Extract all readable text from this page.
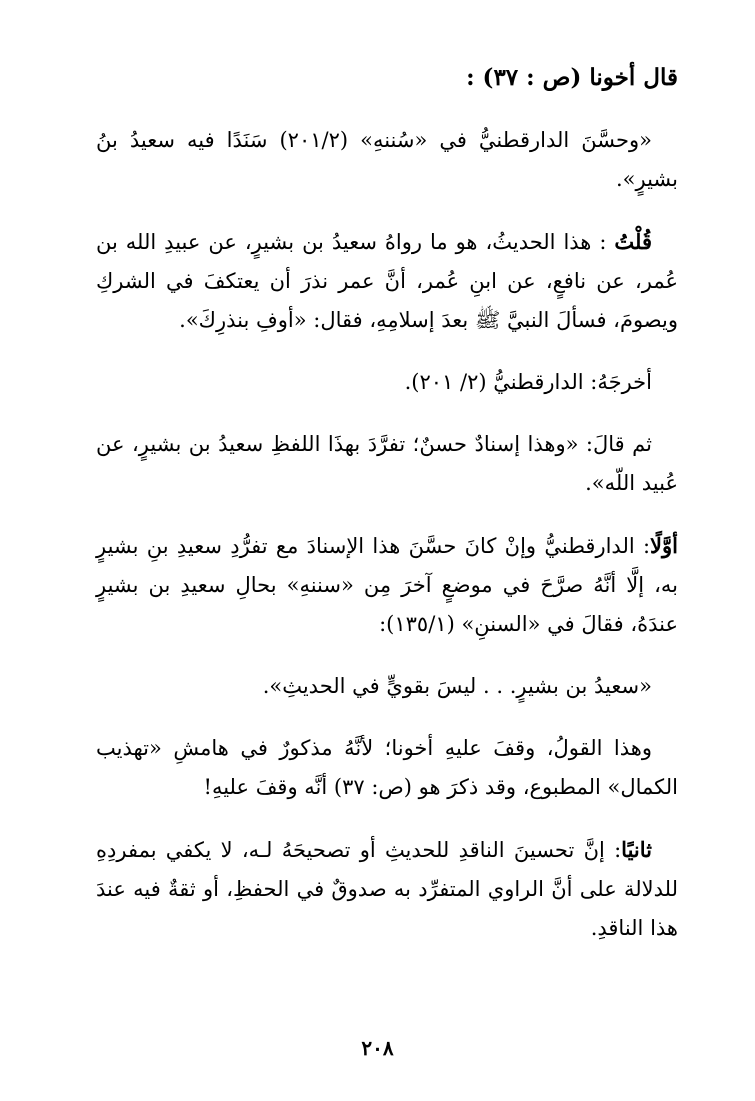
قال أخونا (ص : ٣٧) :

«وحسَّنَ الدارقطنيُّ في «سُننهِ» (٢٠١/٢) سَنَدًا فيه سعيدُ بنُ بشيرٍ».

قُلْتُ : هذا الحديثُ، هو ما رواهُ سعيدُ بن بشيرٍ، عن عبيدِ الله بن عُمر، عن نافعٍ، عن ابنِ عُمر، أنَّ عمر نذرَ أن يعتكفَ في الشركِ ويصومَ، فسألَ النبيَّ ﷺ بعدَ إسلامِهِ، فقال: «أوفِ بنذرِكَ».

أخرجَهُ: الدارقطنيُّ (٢/ ٢٠١).

ثم قالَ: «وهذا إسنادٌ حسنٌ؛ تفرَّدَ بهذَا اللفظِ سعيدُ بن بشيرٍ، عن عُبيد اللّه».

أوَّلًا: الدارقطنيُّ وإنْ كانَ حسَّنَ هذا الإسنادَ مع تفرُّدِ سعيدِ بنِ بشيرٍ به، إلَّا أنَّهُ صرَّحَ في موضعٍ آخرَ مِن «سننهِ» بحالِ سعيدِ بن بشيرٍ عندَهُ، فقالَ في «السننِ» (١٣٥/١):

«سعيدُ بن بشيرٍ. . . ليسَ بقويٍّ في الحديثِ».

وهذا القولُ، وقفَ عليهِ أخونا؛ لأنَّهُ مذكورٌ في هامشِ «تهذيب الكمال» المطبوع، وقد ذكرَ هو (ص: ٣٧) أنَّه وقفَ عليهِ!

ثانيًا: إنَّ تحسينَ الناقدِ للحديثِ أو تصحيحَهُ لـه، لا يكفي بمفردِهِ للدلالة على أنَّ الراوي المتفرِّد به صدوقٌ في الحفظِ، أو ثقةٌ فيه عندَ هذا الناقدِ.

٢٠٨
